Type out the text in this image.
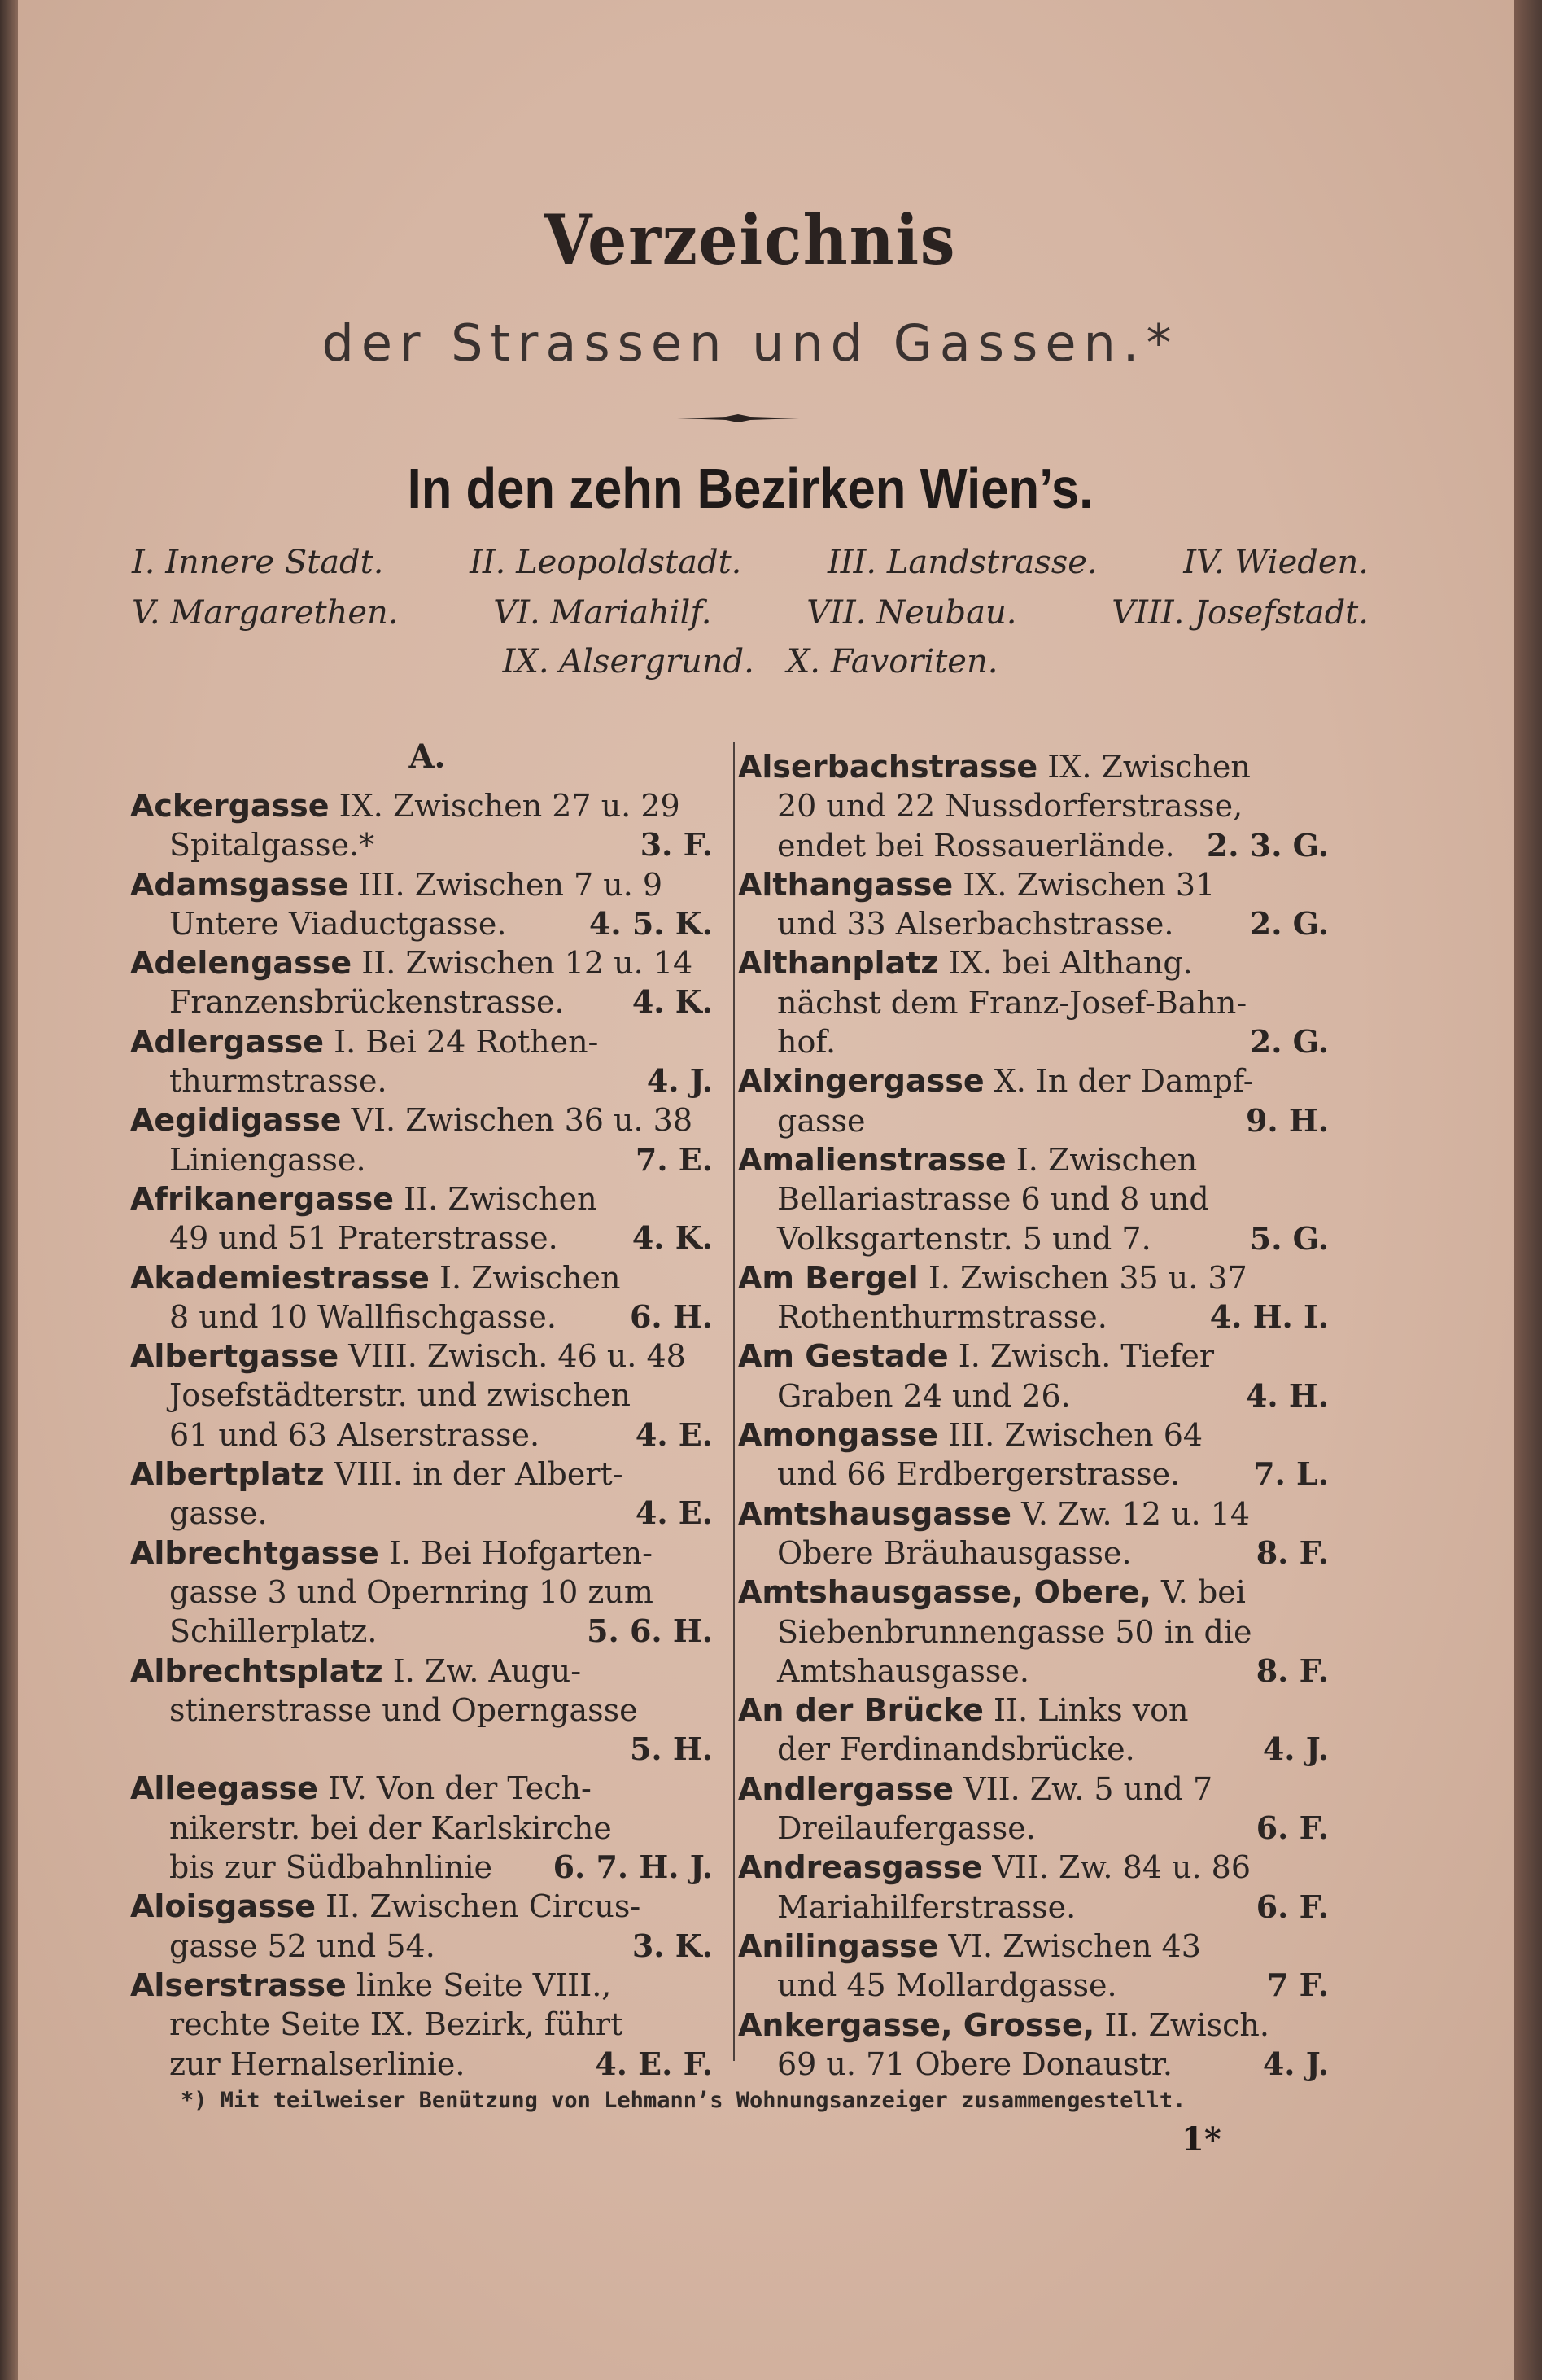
Verzeichnis
der Strassen und Gassen.*
In den zehn Bezirken Wien’s.
I. Innere Stadt.	II. Leopoldstadt.	III. Landstrasse.	IV. Wieden.
V. Margarethen.	VI. Mariahilf.	VII. Neubau.	VIII. Josefstadt.
IX. Alsergrund. X. Favoriten.
A.
Ackergasse IX. Zwischen 27 u. 29
Spitalgasse.*	3. F.
Adamsgasse III. Zwischen 7 u. 9
Untere Viaductgasse.	4. 5. K.
Adelengasse II. Zwischen 12 u. 14
Franzensbrückenstrasse. 4. K.
Adlergasse I. Bei 24 Rothen-
thurmstrasse.	4. J.
Aegidigasse VI. Zwischen 36 u. 38
Liniengasse.	7. E.
Afrikanergasse II. Zwischen
49 und 51 Praterstrasse. 4. K.
Akademiestrasse I. Zwischen
8 und 10 Wallfischgasse. 6. H.
Albertgasse VIII. Zwisch. 46 u. 48
Josefstädterstr. und zwischen
61 und 63 Alserstrasse.	4. E.
Albertplatz VIII. in der Albert-
gasse.	4. E.
Albrechtgasse I. Bei Hofgarten-
gasse 3 und Opernring 10 zum
Schillerplatz.	5. 6. H.
Albrechtsplatz I. Zw. Augu-
stinerstrasse und Operngasse
5. H.
Alleegasse IV. Von der Tech-
nikerstr. bei der Karlskirche
bis zur Südbahnlinie 6. 7. H. J.
Aloisgasse II. Zwischen Circus-
gasse 52 und 54.	3. K.
Alserstrasse linke Seite VIII.,
rechte Seite IX. Bezirk, führt
zur Hernalserlinie.	4. E. F.
Alserbachstrasse IX. Zwischen
20 und 22 Nussdorferstrasse,
endet bei Rossauerlände. 2. 3. G.
Althangasse IX. Zwischen 31
und 33 Alserbachstrasse. 2. G.
Althanplatz IX. bei Althang.
nächst dem Franz-Josef-Bahn-
hof.	2. G.
Alxingergasse X. In der Dampf-
gasse	9. H.
Amalienstrasse I. Zwischen
Bellariastrasse 6 und 8 und
Volksgartenstr. 5 und 7.	5. G.
Am Bergel I. Zwischen 35 u. 37
Rothenthurmstrasse.	4. H. I.
Am Gestade I. Zwisch. Tiefer
Graben 24 und 26.	4. H.
Amongasse III. Zwischen 64
und 66 Erdbergerstrasse. 7. L.
Amtshausgasse V. Zw. 12 u. 14
Obere Bräuhausgasse.	8. F.
Amtshausgasse, Obere, V. bei
Siebenbrunnengasse 50 in die
Amtshausgasse.	8. F.
An der Brücke II. Links von
der Ferdinandsbrücke.	4. J.
Andlergasse VII. Zw. 5 und 7
Dreilaufergasse.	6. F.
Andreasgasse VII. Zw. 84 u. 86
Mariahilferstrasse.	6. F.
Anilingasse VI. Zwischen 43
und 45 Mollardgasse.	7 F.
Ankergasse, Grosse, II. Zwisch.
69 u. 71 Obere Donaustr.	4. J.
*) Mit teilweiser Benützung von Lehmann’s Wohnungsanzeiger zusammengestellt.
1*
